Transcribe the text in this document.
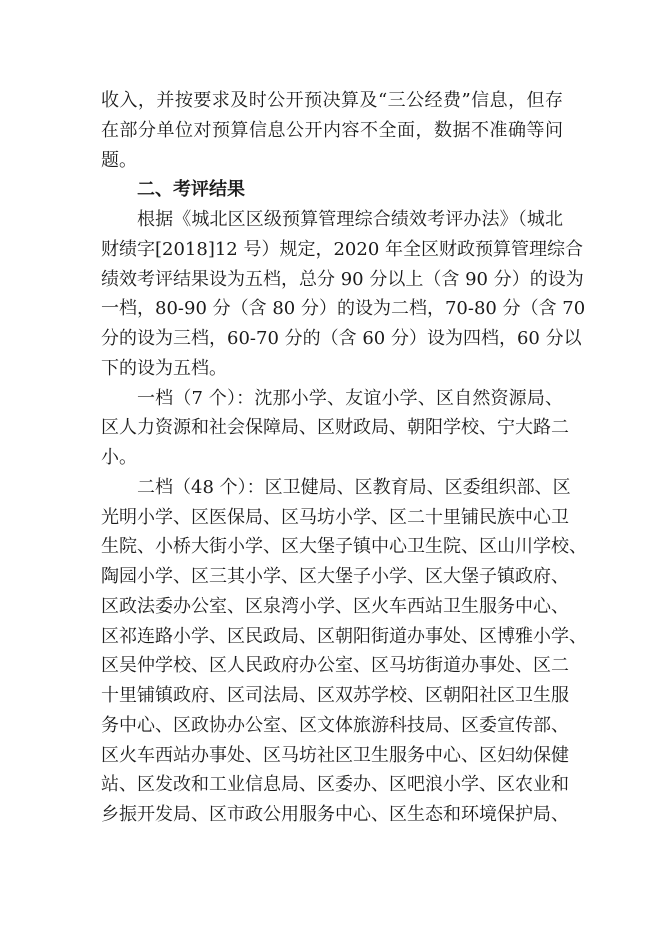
收入，并按要求及时公开预决算及“三公经费”信息，但存
在部分单位对预算信息公开内容不全面，数据不准确等问
题。
二、考评结果
根据《城北区区级预算管理综合绩效考评办法》（城北
财绩字[2018]12 号）规定，2020 年全区财政预算管理综合
绩效考评结果设为五档，总分 90 分以上（含 90 分）的设为
一档，80-90 分（含 80 分）的设为二档，70-80 分（含 70
分的设为三档，60-70 分的（含 60 分）设为四档，60 分以
下的设为五档。
一档（7 个）：沈那小学、友谊小学、区自然资源局、
区人力资源和社会保障局、区财政局、朝阳学校、宁大路二
小。
二档（48 个）：区卫健局、区教育局、区委组织部、区
光明小学、区医保局、区马坊小学、区二十里铺民族中心卫
生院、小桥大街小学、区大堡子镇中心卫生院、区山川学校、
陶园小学、区三其小学、区大堡子小学、区大堡子镇政府、
区政法委办公室、区泉湾小学、区火车西站卫生服务中心、
区祁连路小学、区民政局、区朝阳街道办事处、区博雅小学、
区吴仲学校、区人民政府办公室、区马坊街道办事处、区二
十里铺镇政府、区司法局、区双苏学校、区朝阳社区卫生服
务中心、区政协办公室、区文体旅游科技局、区委宣传部、
区火车西站办事处、区马坊社区卫生服务中心、区妇幼保健
站、区发改和工业信息局、区委办、区吧浪小学、区农业和
乡振开发局、区市政公用服务中心、区生态和环境保护局、
